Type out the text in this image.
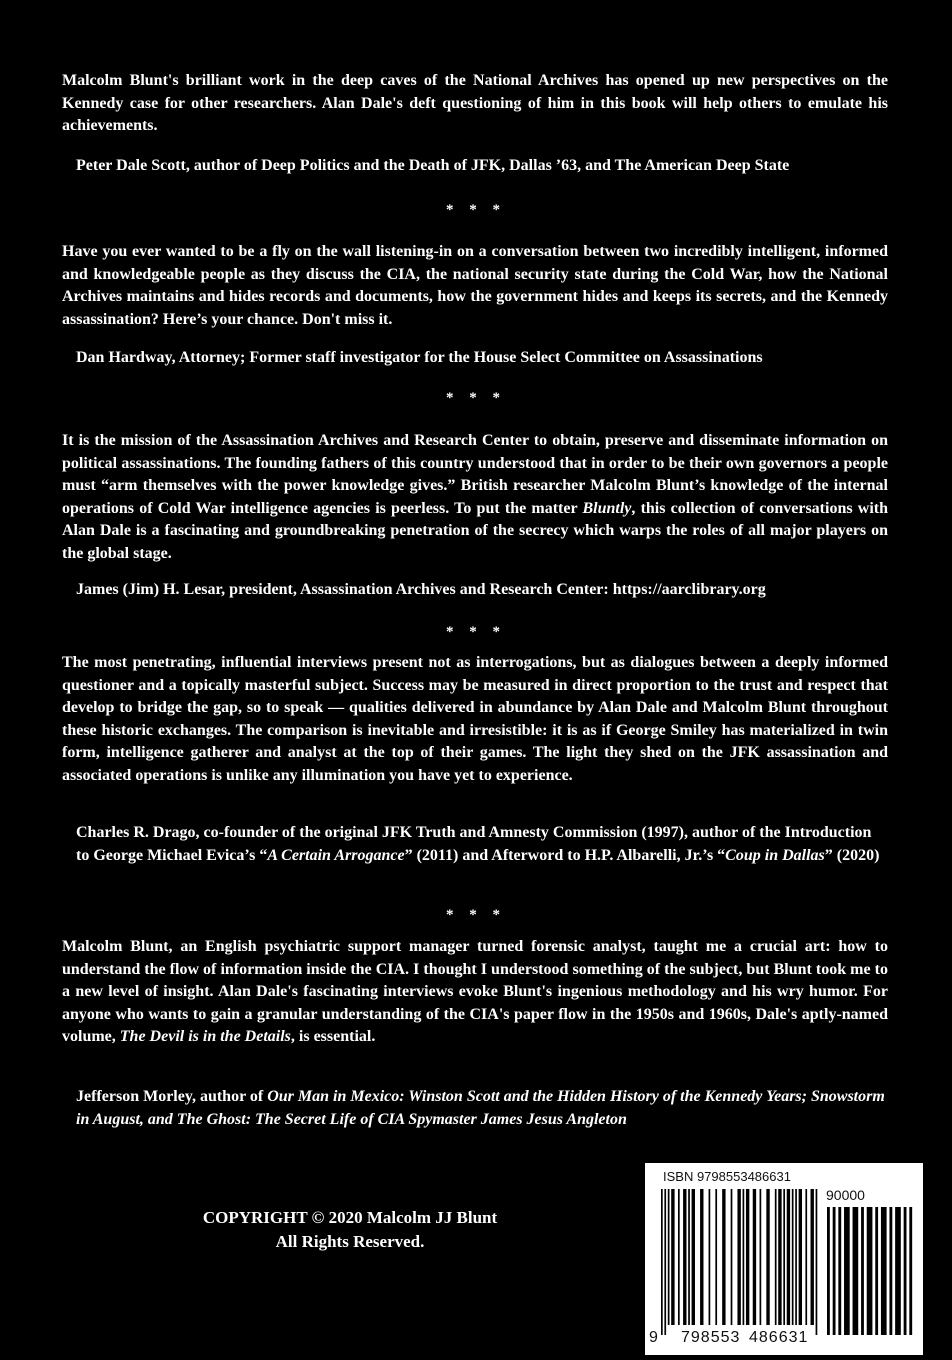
Malcolm Blunt's brilliant work in the deep caves of the National Archives has opened up new perspectives on the Kennedy case for other researchers. Alan Dale's deft questioning of him in this book will help others to emulate his achievements.

Peter Dale Scott, author of Deep Politics and the Death of JFK, Dallas ’63, and The American Deep State

* * *

Have you ever wanted to be a fly on the wall listening-in on a conversation between two incredibly intelligent, informed and knowledgeable people as they discuss the CIA, the national security state during the Cold War, how the National Archives maintains and hides records and documents, how the government hides and keeps its secrets, and the Kennedy assassination? Here’s your chance. Don't miss it.

Dan Hardway, Attorney; Former staff investigator for the House Select Committee on Assassinations

* * *

It is the mission of the Assassination Archives and Research Center to obtain, preserve and disseminate information on political assassinations. The founding fathers of this country understood that in order to be their own governors a people must “arm themselves with the power knowledge gives.” British researcher Malcolm Blunt’s knowledge of the internal operations of Cold War intelligence agencies is peerless. To put the matter Bluntly, this collection of conversations with Alan Dale is a fascinating and groundbreaking penetration of the secrecy which warps the roles of all major players on the global stage.

James (Jim) H. Lesar, president, Assassination Archives and Research Center: https://aarclibrary.org

* * *

The most penetrating, influential interviews present not as interrogations, but as dialogues between a deeply informed questioner and a topically masterful subject. Success may be measured in direct proportion to the trust and respect that develop to bridge the gap, so to speak — qualities delivered in abundance by Alan Dale and Malcolm Blunt throughout these historic exchanges. The comparison is inevitable and irresistible: it is as if George Smiley has materialized in twin form, intelligence gatherer and analyst at the top of their games. The light they shed on the JFK assassination and associated operations is unlike any illumination you have yet to experience.

Charles R. Drago, co-founder of the original JFK Truth and Amnesty Commission (1997), author of the Introduction to George Michael Evica’s “A Certain Arrogance” (2011) and Afterword to H.P. Albarelli, Jr.’s “Coup in Dallas” (2020)

* * *

Malcolm Blunt, an English psychiatric support manager turned forensic analyst, taught me a crucial art: how to understand the flow of information inside the CIA. I thought I understood something of the subject, but Blunt took me to a new level of insight. Alan Dale's fascinating interviews evoke Blunt's ingenious methodology and his wry humor. For anyone who wants to gain a granular understanding of the CIA's paper flow in the 1950s and 1960s, Dale's aptly-named volume, The Devil is in the Details, is essential.

Jefferson Morley, author of Our Man in Mexico: Winston Scott and the Hidden History of the Kennedy Years; Snowstorm in August, and The Ghost: The Secret Life of CIA Spymaster James Jesus Angleton

COPYRIGHT © 2020 Malcolm JJ Blunt
All Rights Reserved.
ISBN 9798553486631
90000
9 798553 486631
